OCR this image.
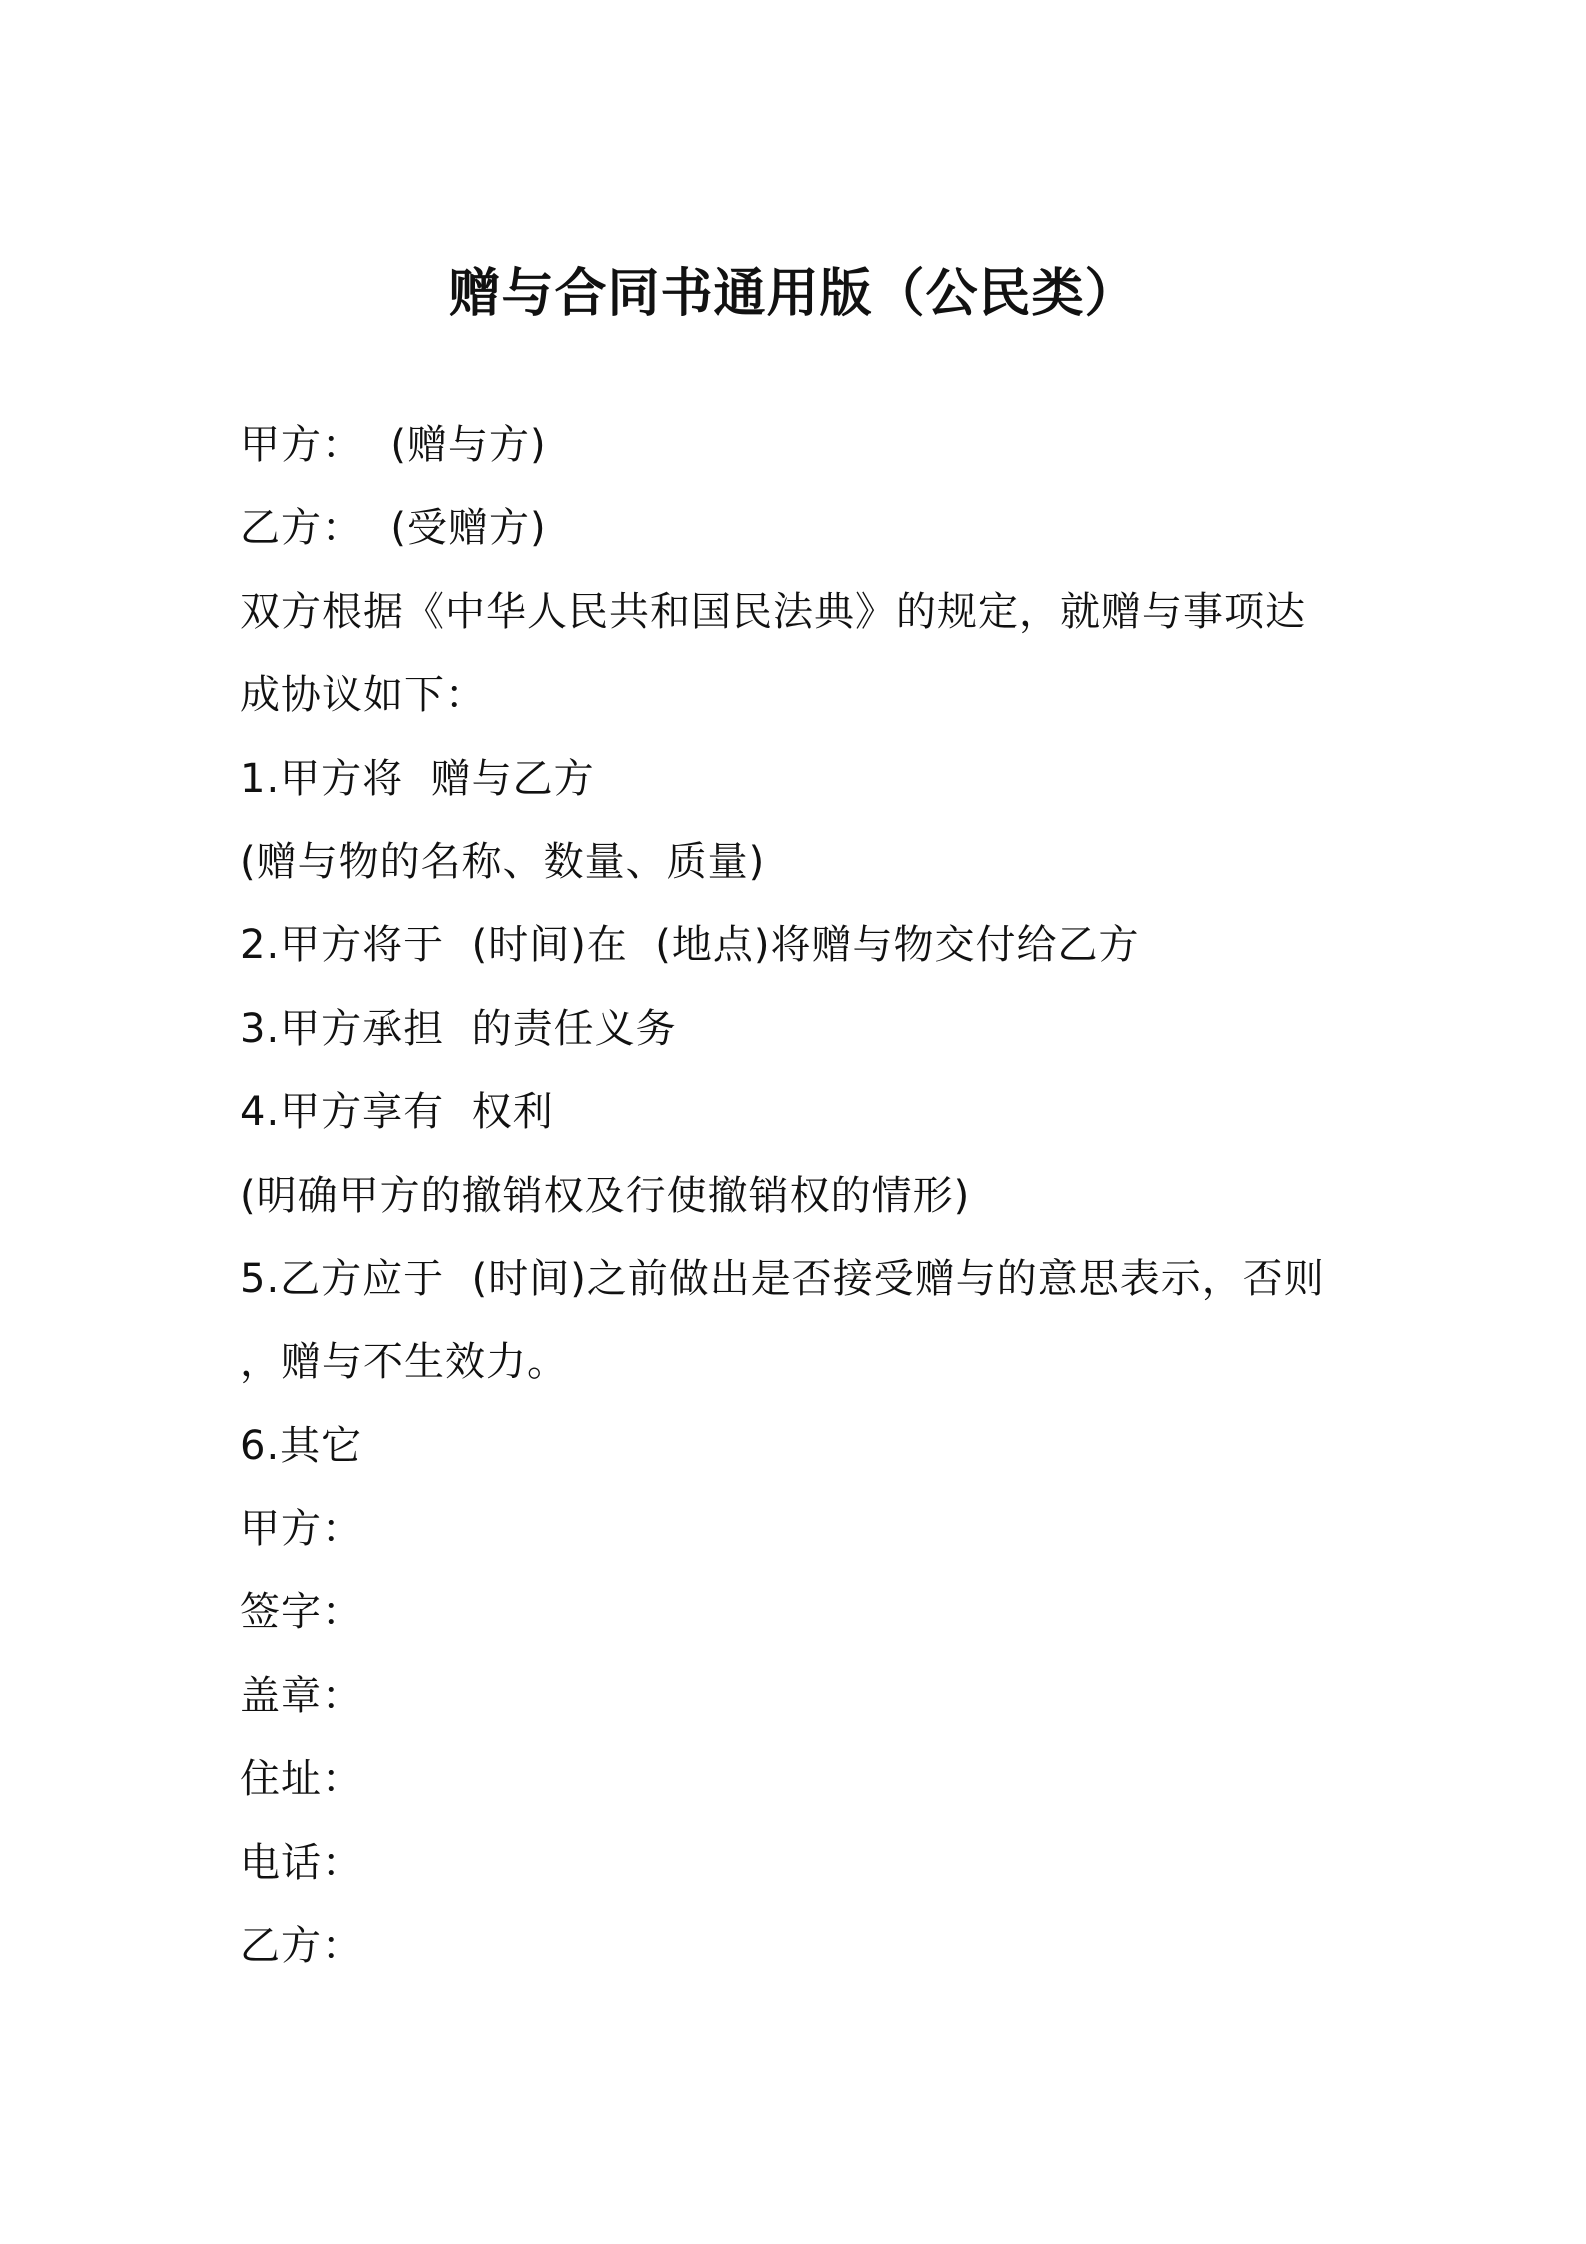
赠与合同书通用版（公民类）
甲方：  (赠与方)
乙方：  (受赠方)
双方根据《中华人民共和国民法典》的规定，就赠与事项达
成协议如下：
1.甲方将  赠与乙方
(赠与物的名称、数量、质量)
2.甲方将于  (时间)在  (地点)将赠与物交付给乙方
3.甲方承担  的责任义务
4.甲方享有  权利
(明确甲方的撤销权及行使撤销权的情形)
5.乙方应于  (时间)之前做出是否接受赠与的意思表示，否则
，赠与不生效力。
6.其它
甲方：
签字：
盖章：
住址：
电话：
乙方：
